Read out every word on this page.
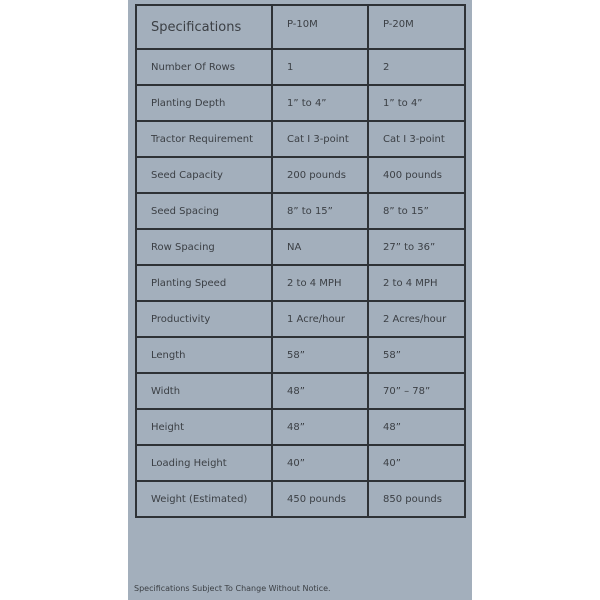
Specifications	P-10M	P-20M
Number Of Rows	1	2
Planting Depth	1” to 4”	1” to 4”
Tractor Requirement	Cat I 3-point	Cat I 3-point
Seed Capacity	200 pounds	400 pounds
Seed Spacing	8” to 15”	8” to 15”
Row Spacing	NA	27” to 36”
Planting Speed	2 to 4 MPH	2 to 4 MPH
Productivity	1 Acre/hour	2 Acres/hour
Length	58”	58”
Width	48”	70” – 78”
Height	48”	48”
Loading Height	40”	40”
Weight (Estimated)	450 pounds	850 pounds
Specifications Subject To Change Without Notice.
